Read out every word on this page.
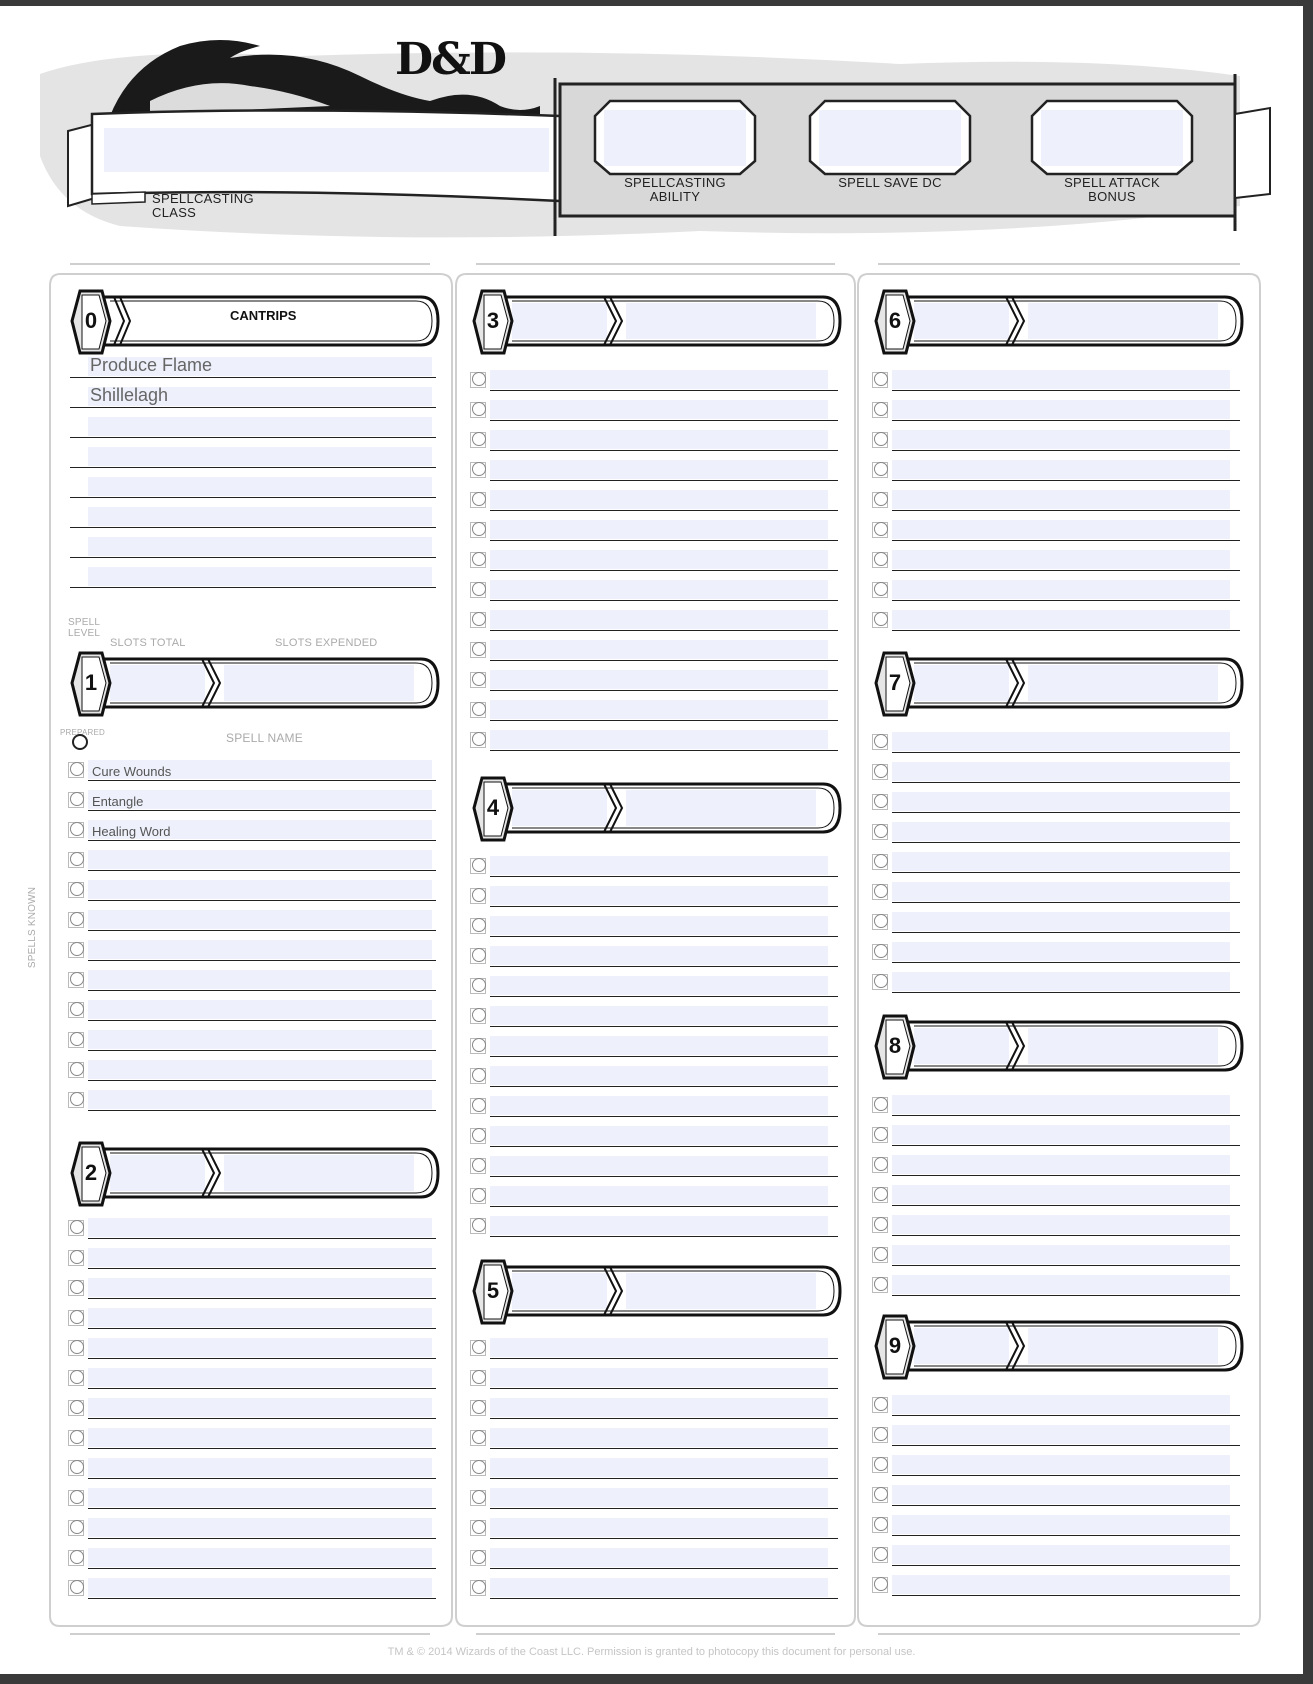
D&D
SPELLCASTING CLASS
SPELLCASTING ABILITY
SPELL SAVE DC	SPELL ATTACK BONUS
SPELL LEVEL
SLOTS TOTAL	SLOTS EXPENDED
PREPARED	SPELL NAME
SPELLS KNOWN
0	CANTRIPS
Produce Flame
Shillelagh
1
Cure Wounds
Entangle
Healing Word
2
3
4
5
6
7
8
9
TM & © 2014 Wizards of the Coast LLC. Permission is granted to photocopy this document for personal use.
